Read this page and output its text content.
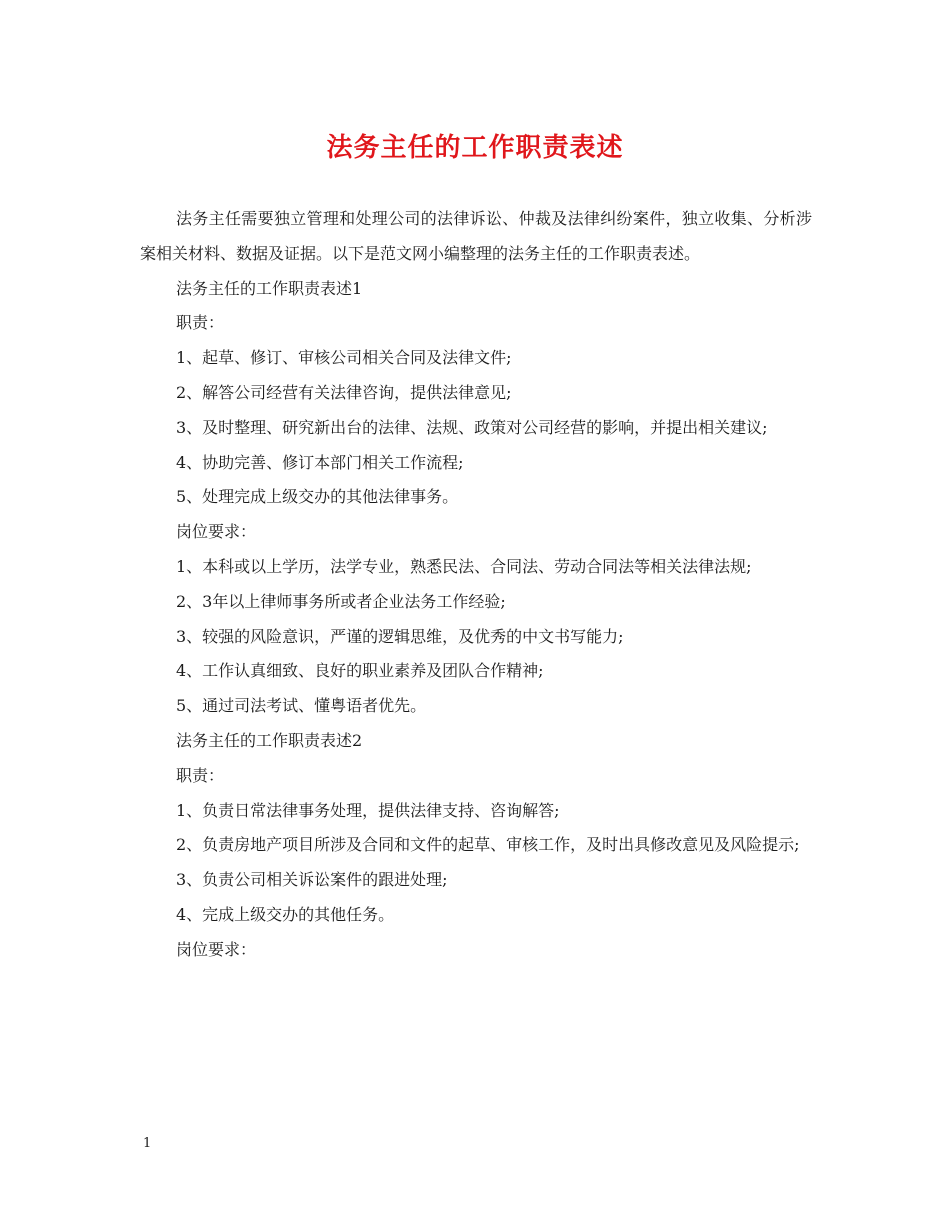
法务主任的工作职责表述

法务主任需要独立管理和处理公司的法律诉讼、仲裁及法律纠纷案件，独立收集、分析涉案相关材料、数据及证据。以下是范文网小编整理的法务主任的工作职责表述。

法务主任的工作职责表述1

职责：

1、起草、修订、审核公司相关合同及法律文件;

2、解答公司经营有关法律咨询，提供法律意见;

3、及时整理、研究新出台的法律、法规、政策对公司经营的影响，并提出相关建议;

4、协助完善、修订本部门相关工作流程;

5、处理完成上级交办的其他法律事务。

岗位要求：

1、本科或以上学历，法学专业，熟悉民法、合同法、劳动合同法等相关法律法规;

2、3年以上律师事务所或者企业法务工作经验;

3、较强的风险意识，严谨的逻辑思维，及优秀的中文书写能力;

4、工作认真细致、良好的职业素养及团队合作精神;

5、通过司法考试、懂粤语者优先。

法务主任的工作职责表述2

职责：

1、负责日常法律事务处理，提供法律支持、咨询解答;

2、负责房地产项目所涉及合同和文件的起草、审核工作，及时出具修改意见及风险提示;

3、负责公司相关诉讼案件的跟进处理;

4、完成上级交办的其他任务。

岗位要求：

1
